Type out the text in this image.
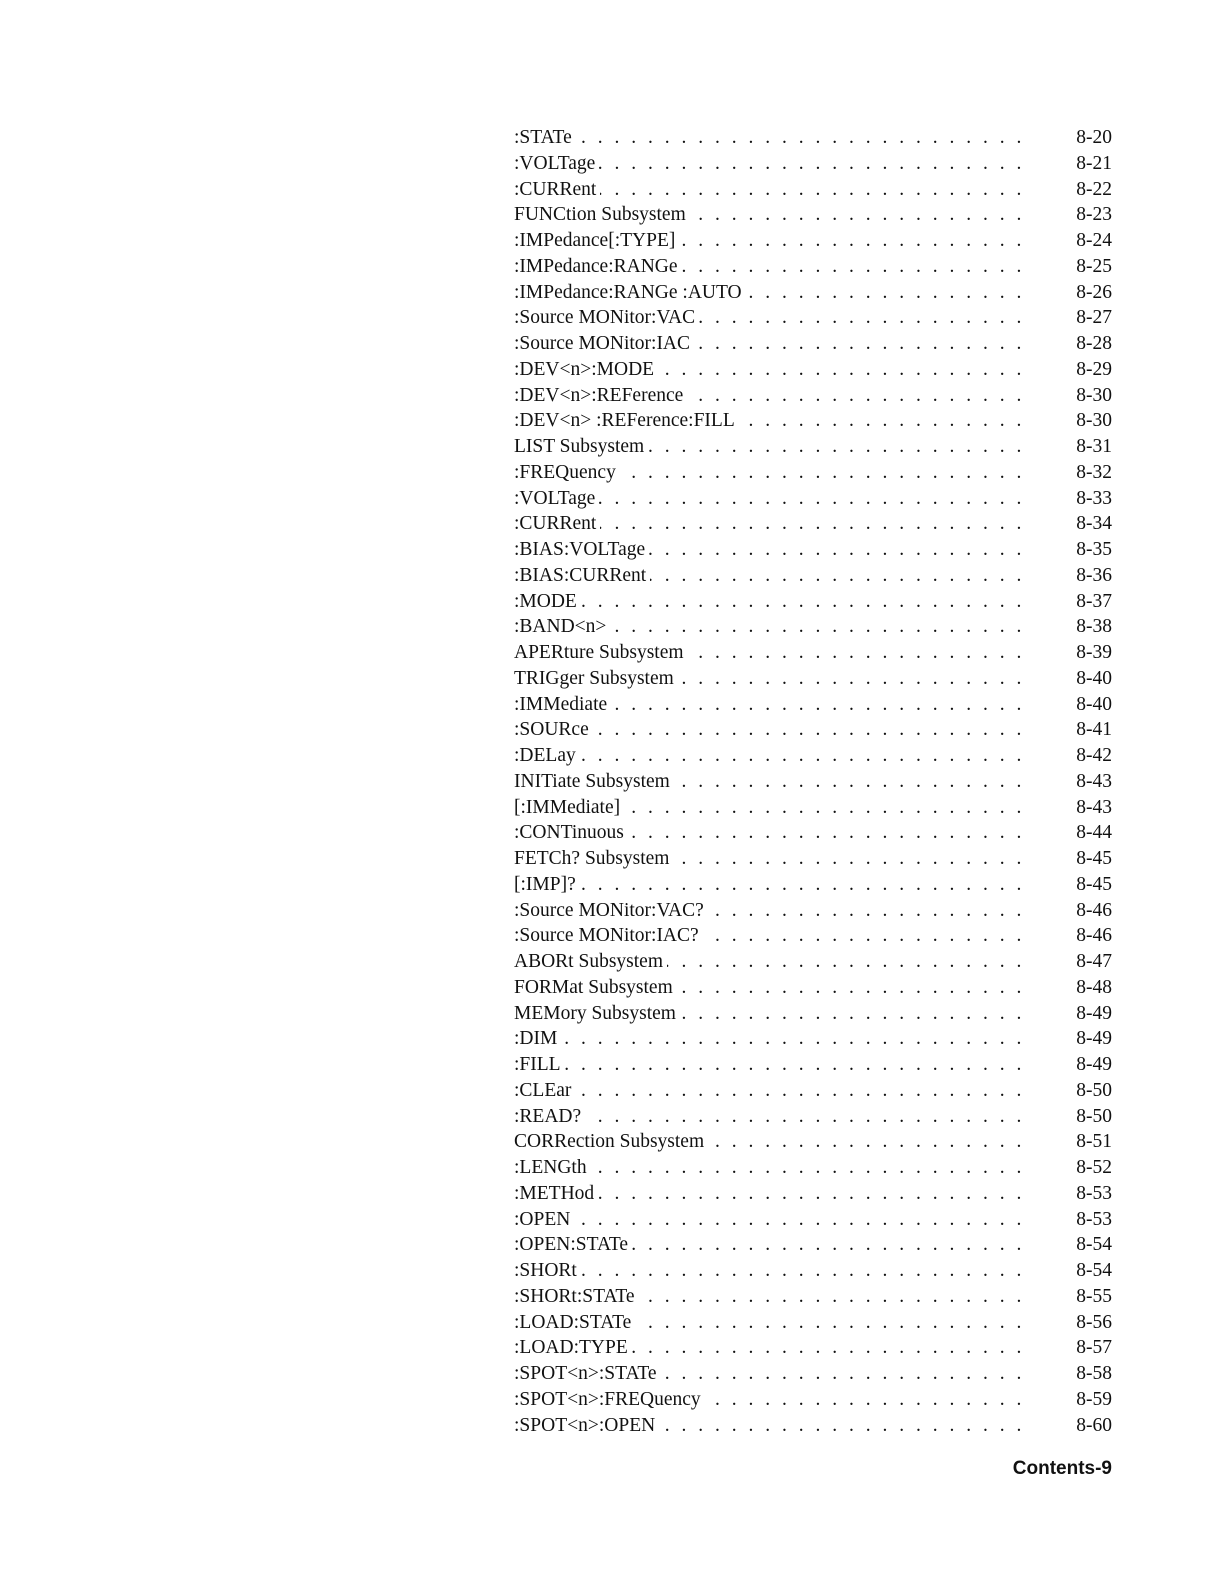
. . .
:STATe	8-20
. . .
:VOLTage	8-21
. . .
:CURRent	8-22
. . .
FUNCtion Subsystem	8-23
. . .
:IMPedance[:TYPE]	8-24
. . .
:IMPedance:RANGe	8-25
. . .
:IMPedance:RANGe :AUTO	8-26
. . .
:Source MONitor:VAC	8-27
. . .
:Source MONitor:IAC	8-28
. . .
:DEV<n>:MODE	8-29
. . .
:DEV<n>:REFerence	8-30
. . .
:DEV<n> :REFerence:FILL	8-30
. . .
LIST Subsystem	8-31
. . .
:FREQuency	8-32
. . .
:VOLTage	8-33
. . .
:CURRent	8-34
. . .
:BIAS:VOLTage	8-35
. . .
:BIAS:CURRent	8-36
. . .
:MODE	8-37
. . .
:BAND<n>	8-38
. . .
APERture Subsystem	8-39
. . .
TRIGger Subsystem	8-40
. . .
:IMMediate	8-40
. . .
:SOURce	8-41
. . .
:DELay	8-42
. . .
INITiate Subsystem	8-43
. . .
[:IMMediate]	8-43
. . .
:CONTinuous	8-44
. . .
FETCh? Subsystem	8-45
. . .
[:IMP]?	8-45
. . .
:Source MONitor:VAC?	8-46
. . .
:Source MONitor:IAC?	8-46
. . .
ABORt Subsystem	8-47
. . .
FORMat Subsystem	8-48
. . .
MEMory Subsystem	8-49
. . .
:DIM	8-49
. . .
:FILL	8-49
. . .
:CLEar	8-50
. . .
:READ?	8-50
. . .
CORRection Subsystem	8-51
. . .
:LENGth	8-52
. . .
:METHod	8-53
. . .
:OPEN	8-53
. . .
:OPEN:STATe	8-54
. . .
:SHORt	8-54
. . .
:SHORt:STATe	8-55
. . .
:LOAD:STATe	8-56
. . .
:LOAD:TYPE	8-57
. . .
:SPOT<n>:STATe	8-58
. . .
:SPOT<n>:FREQuency	8-59
. . .
:SPOT<n>:OPEN	8-60
Contents-9
